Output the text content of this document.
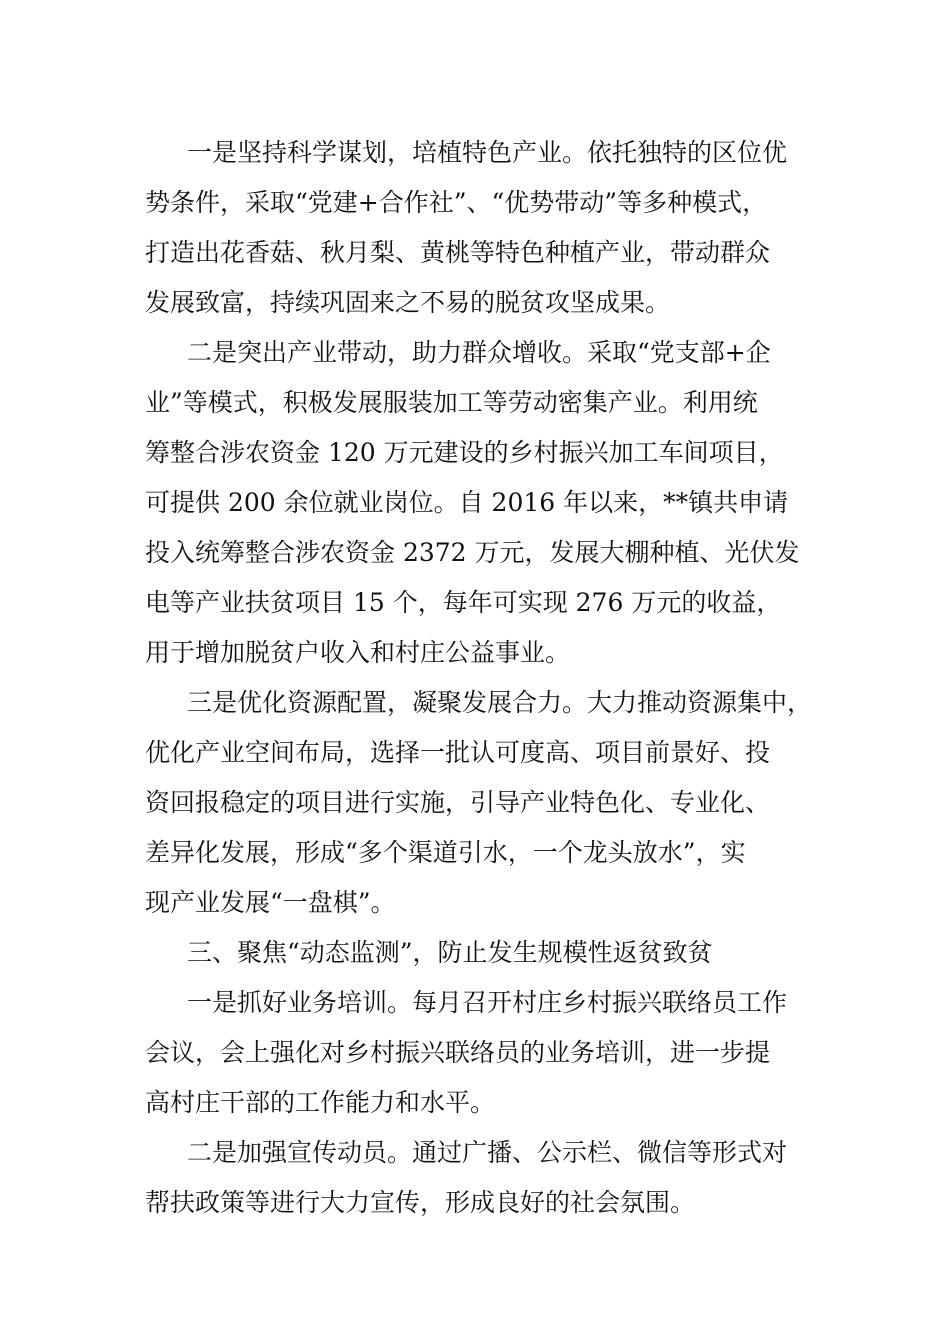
一是坚持科学谋划，培植特色产业。依托独特的区位优
势条件，采取“党建+合作社”、“优势带动”等多种模式，
打造出花香菇、秋月梨、黄桃等特色种植产业，带动群众
发展致富，持续巩固来之不易的脱贫攻坚成果。
二是突出产业带动，助力群众增收。采取“党支部+企
业”等模式，积极发展服装加工等劳动密集产业。利用统
筹整合涉农资金 120 万元建设的乡村振兴加工车间项目，
可提供 200 余位就业岗位。自 2016 年以来，**镇共申请
投入统筹整合涉农资金 2372 万元，发展大棚种植、光伏发
电等产业扶贫项目 15 个，每年可实现 276 万元的收益，
用于增加脱贫户收入和村庄公益事业。
三是优化资源配置，凝聚发展合力。大力推动资源集中，
优化产业空间布局，选择一批认可度高、项目前景好、投
资回报稳定的项目进行实施，引导产业特色化、专业化、
差异化发展，形成“多个渠道引水，一个龙头放水”，实
现产业发展“一盘棋”。
三、聚焦“动态监测”，防止发生规模性返贫致贫
一是抓好业务培训。每月召开村庄乡村振兴联络员工作
会议，会上强化对乡村振兴联络员的业务培训，进一步提
高村庄干部的工作能力和水平。
二是加强宣传动员。通过广播、公示栏、微信等形式对
帮扶政策等进行大力宣传，形成良好的社会氛围。
